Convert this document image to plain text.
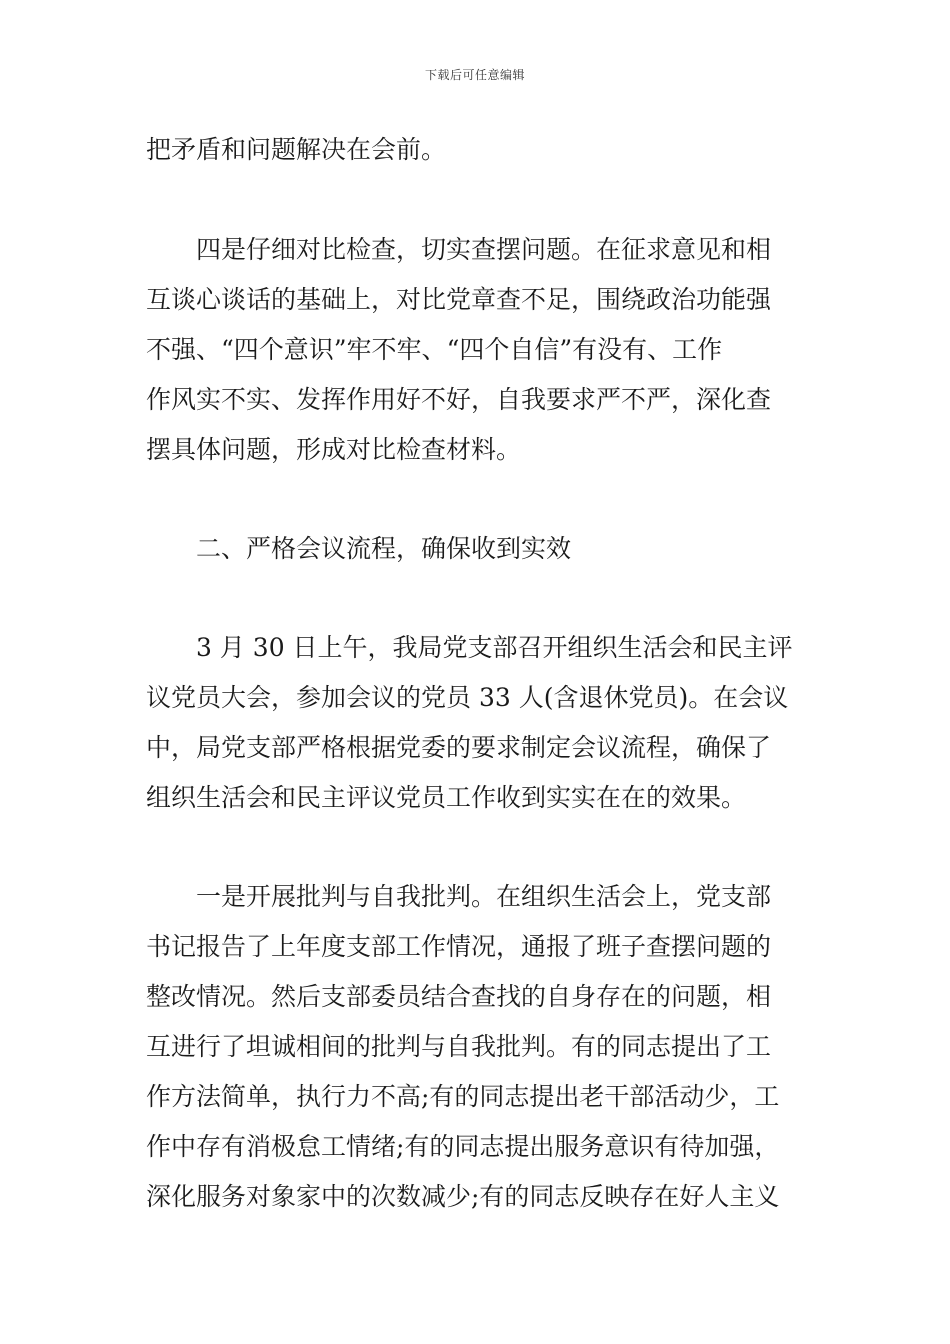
下载后可任意编辑
把矛盾和问题解决在会前。
四是仔细对比检查，切实查摆问题。在征求意见和相
互谈心谈话的基础上，对比党章查不足，围绕政治功能强
不强、“四个意识”牢不牢、“四个自信”有没有、工作
作风实不实、发挥作用好不好，自我要求严不严，深化查
摆具体问题，形成对比检查材料。
二、严格会议流程，确保收到实效
3 月 30 日上午，我局党支部召开组织生活会和民主评
议党员大会，参加会议的党员 33 人(含退休党员)。在会议
中，局党支部严格根据党委的要求制定会议流程，确保了
组织生活会和民主评议党员工作收到实实在在的效果。
一是开展批判与自我批判。在组织生活会上，党支部
书记报告了上年度支部工作情况，通报了班子查摆问题的
整改情况。然后支部委员结合查找的自身存在的问题，相
互进行了坦诚相间的批判与自我批判。有的同志提出了工
作方法简单，执行力不高;有的同志提出老干部活动少，工
作中存有消极怠工情绪;有的同志提出服务意识有待加强，
深化服务对象家中的次数减少;有的同志反映存在好人主义
